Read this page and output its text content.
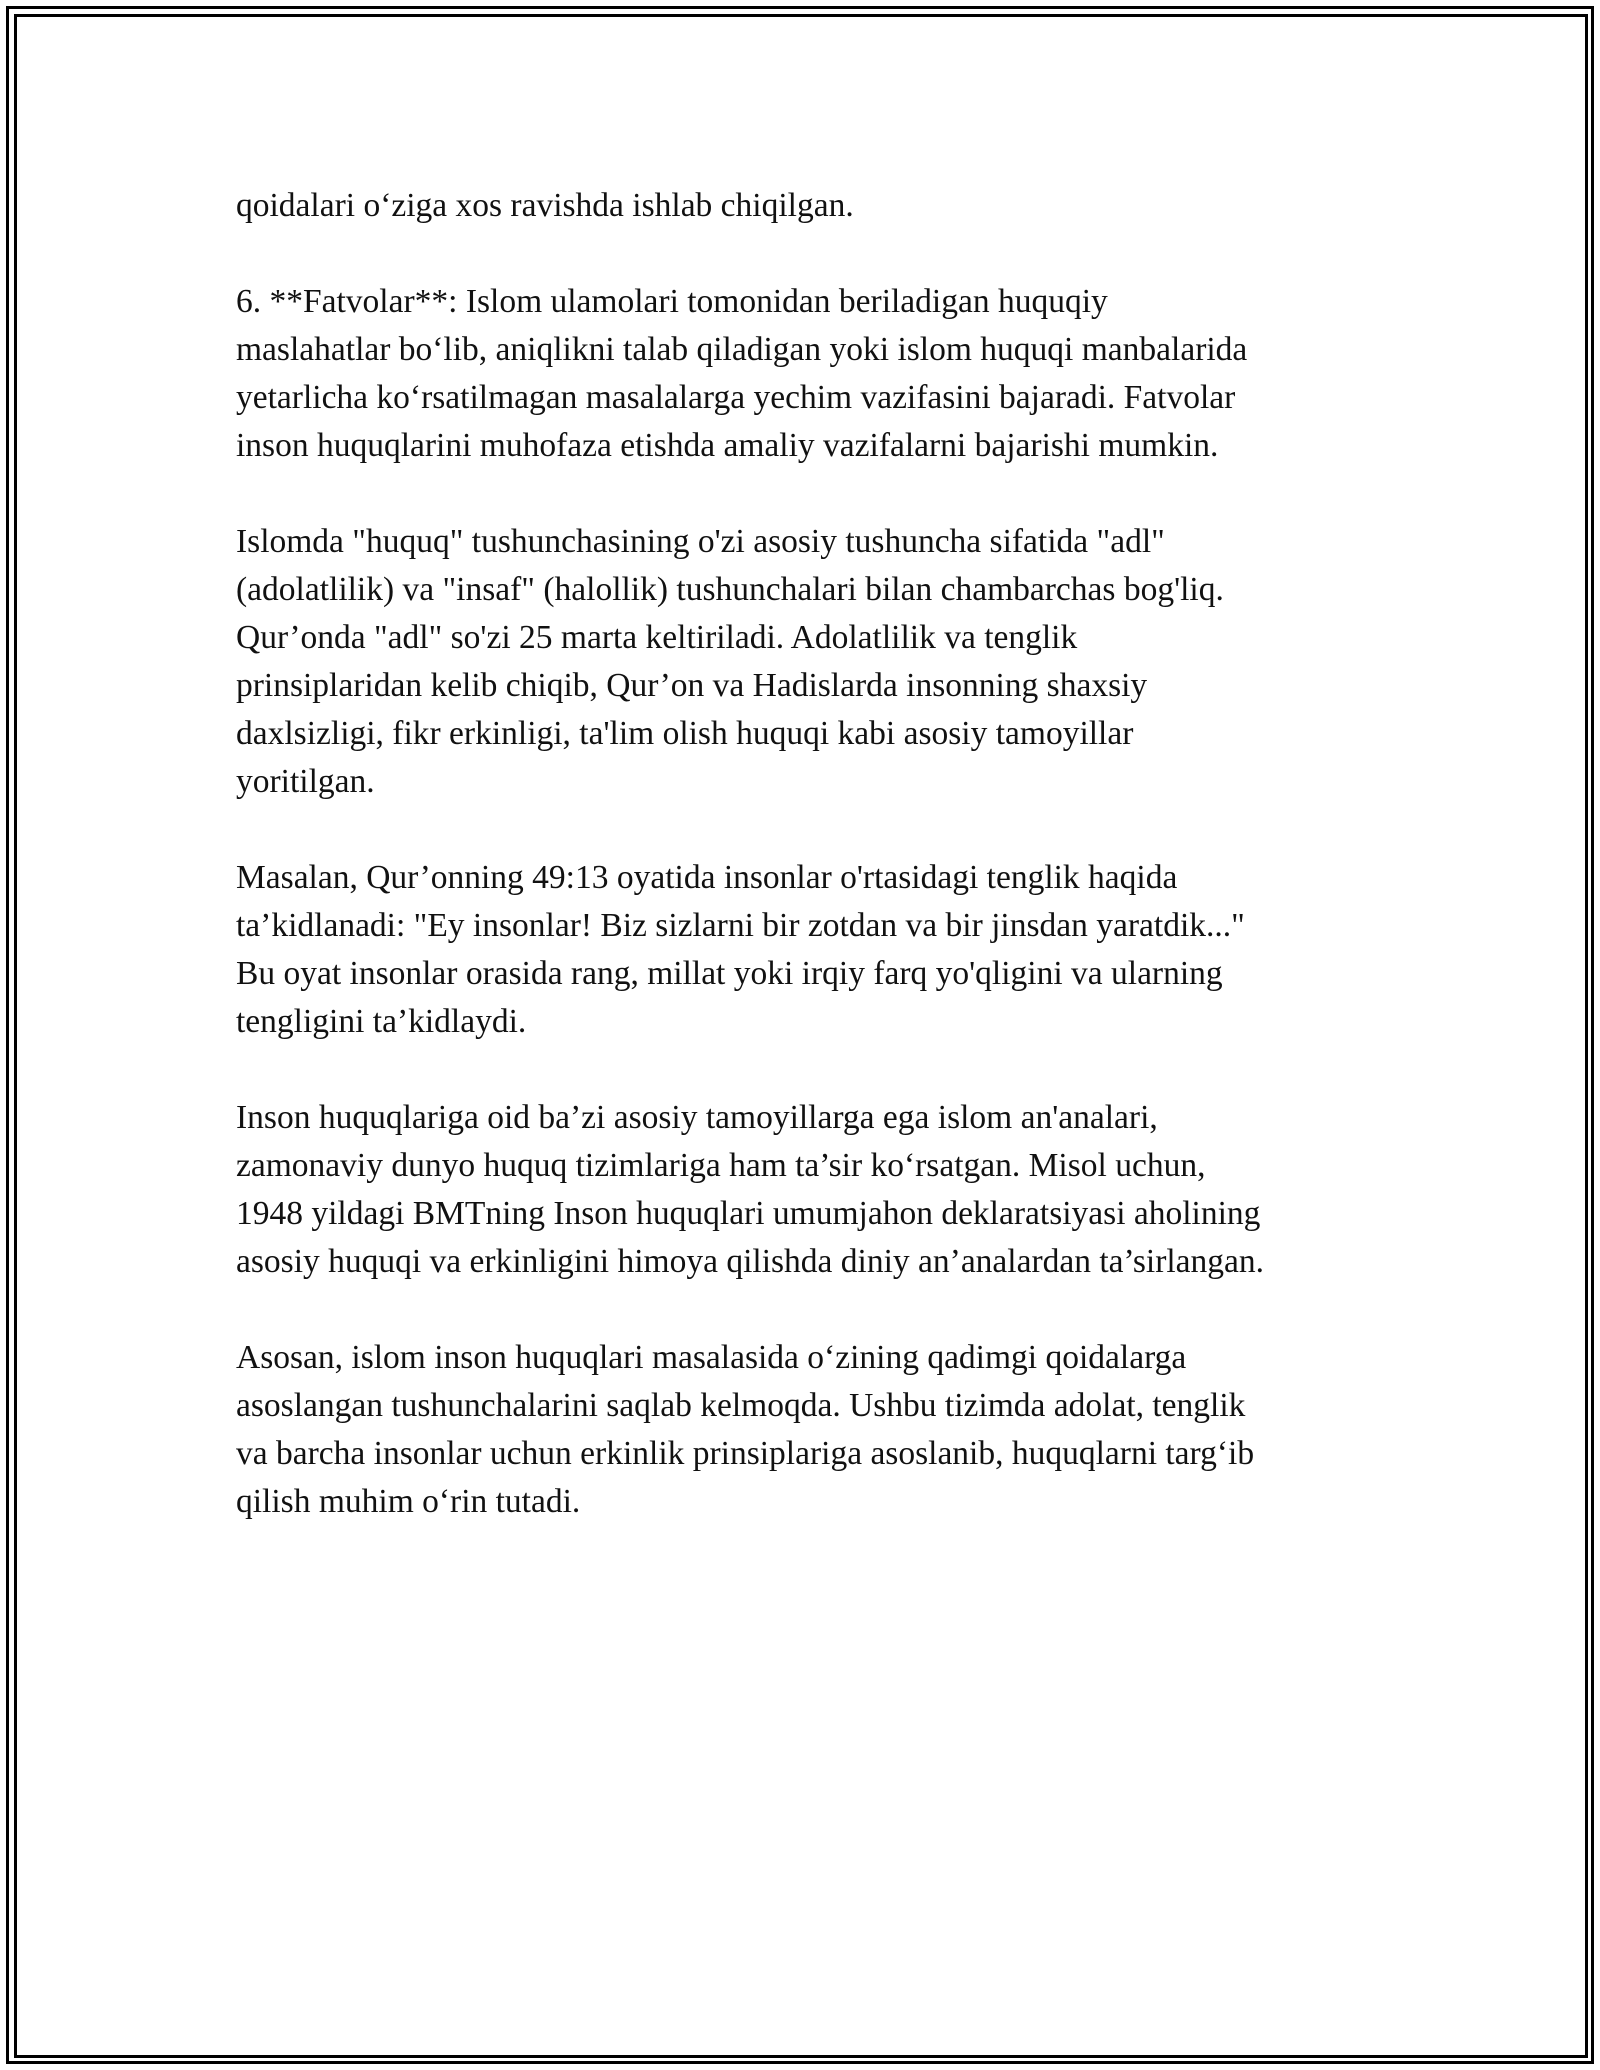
qoidalari o‘ziga xos ravishda ishlab chiqilgan.

6. **Fatvolar**: Islom ulamolari tomonidan beriladigan huquqiy
maslahatlar bo‘lib, aniqlikni talab qiladigan yoki islom huquqi manbalarida
yetarlicha ko‘rsatilmagan masalalarga yechim vazifasini bajaradi. Fatvolar
inson huquqlarini muhofaza etishda amaliy vazifalarni bajarishi mumkin.

Islomda "huquq" tushunchasining o'zi asosiy tushuncha sifatida "adl"
(adolatlilik) va "insaf" (halollik) tushunchalari bilan chambarchas bog'liq.
Qur’onda "adl" so'zi 25 marta keltiriladi. Adolatlilik va tenglik
prinsiplaridan kelib chiqib, Qur’on va Hadislarda insonning shaxsiy
daxlsizligi, fikr erkinligi, ta'lim olish huquqi kabi asosiy tamoyillar
yoritilgan.

Masalan, Qur’onning 49:13 oyatida insonlar o'rtasidagi tenglik haqida
ta’kidlanadi: "Ey insonlar! Biz sizlarni bir zotdan va bir jinsdan yaratdik..."
Bu oyat insonlar orasida rang, millat yoki irqiy farq yo'qligini va ularning
tengligini ta’kidlaydi.

Inson huquqlariga oid ba’zi asosiy tamoyillarga ega islom an'analari,
zamonaviy dunyo huquq tizimlariga ham ta’sir ko‘rsatgan. Misol uchun,
1948 yildagi BMTning Inson huquqlari umumjahon deklaratsiyasi aholining
asosiy huquqi va erkinligini himoya qilishda diniy an’analardan ta’sirlangan.

Asosan, islom inson huquqlari masalasida o‘zining qadimgi qoidalarga
asoslangan tushunchalarini saqlab kelmoqda. Ushbu tizimda adolat, tenglik
va barcha insonlar uchun erkinlik prinsiplariga asoslanib, huquqlarni targ‘ib
qilish muhim o‘rin tutadi.
